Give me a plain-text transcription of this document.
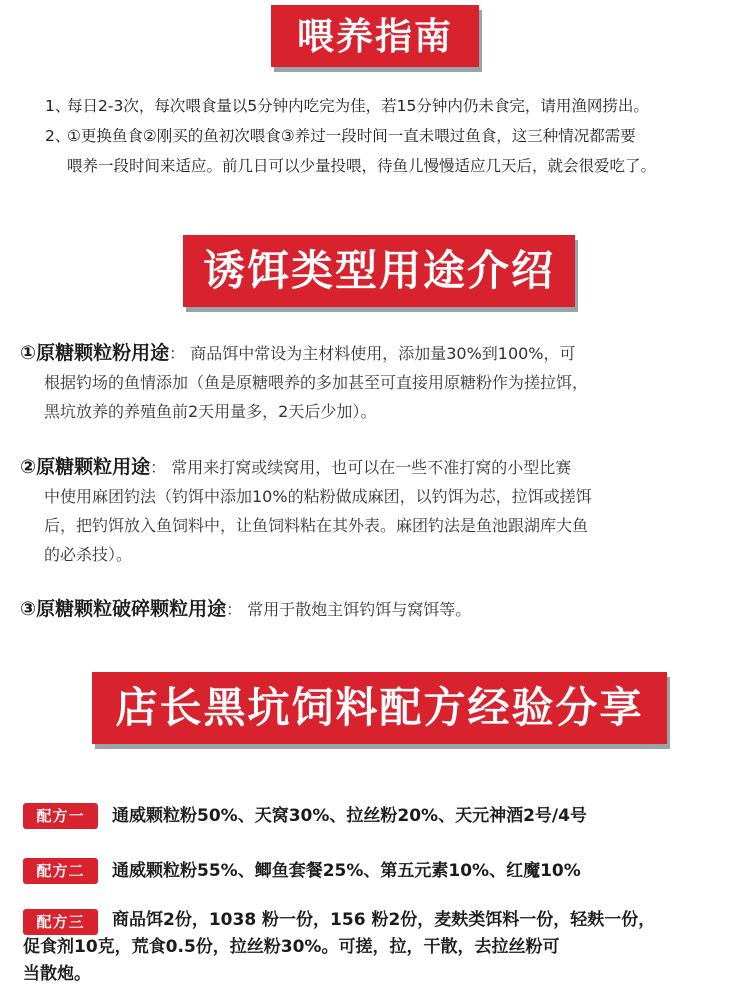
喂养指南
1、
每日2-3次，每次喂食量以5分钟内吃完为佳，若15分钟内仍未食完，请用渔网捞出。
2、
①更换鱼食②刚买的鱼初次喂食③养过一段时间一直未喂过鱼食，这三种情况都需要
喂养一段时间来适应。前几日可以少量投喂，待鱼儿慢慢适应几天后，就会很爱吃了。
诱饵类型用途介绍
①原糖颗粒粉用途： 商品饵中常设为主材料使用，添加量30%到100%，可
根据钓场的鱼情添加（鱼是原糖喂养的多加甚至可直接用原糖粉作为搓拉饵，
黑坑放养的养殖鱼前2天用量多，2天后少加）。
②原糖颗粒用途： 常用来打窝或续窝用，也可以在一些不准打窝的小型比赛
中使用麻团钓法（钓饵中添加10%的粘粉做成麻团，以钓饵为芯，拉饵或搓饵
后，把钓饵放入鱼饲料中，让鱼饲料粘在其外表。麻团钓法是鱼池跟湖库大鱼
的必杀技）。
③原糖颗粒破碎颗粒用途： 常用于散炮主饵钓饵与窝饵等。
店长黑坑饲料配方经验分享
配方一	通威颗粒粉50%、天窝30%、拉丝粉20%、天元神酒2号/4号
配方二	通威颗粒粉55%、鲫鱼套餐25%、第五元素10%、红魔10%
配方三	商品饵2份，1038 粉一份，156 粉2份，麦麸类饵料一份，轻麸一份，
促食剂10克，荒食0.5份，拉丝粉30%。可搓，拉，干散，去拉丝粉可
当散炮。
